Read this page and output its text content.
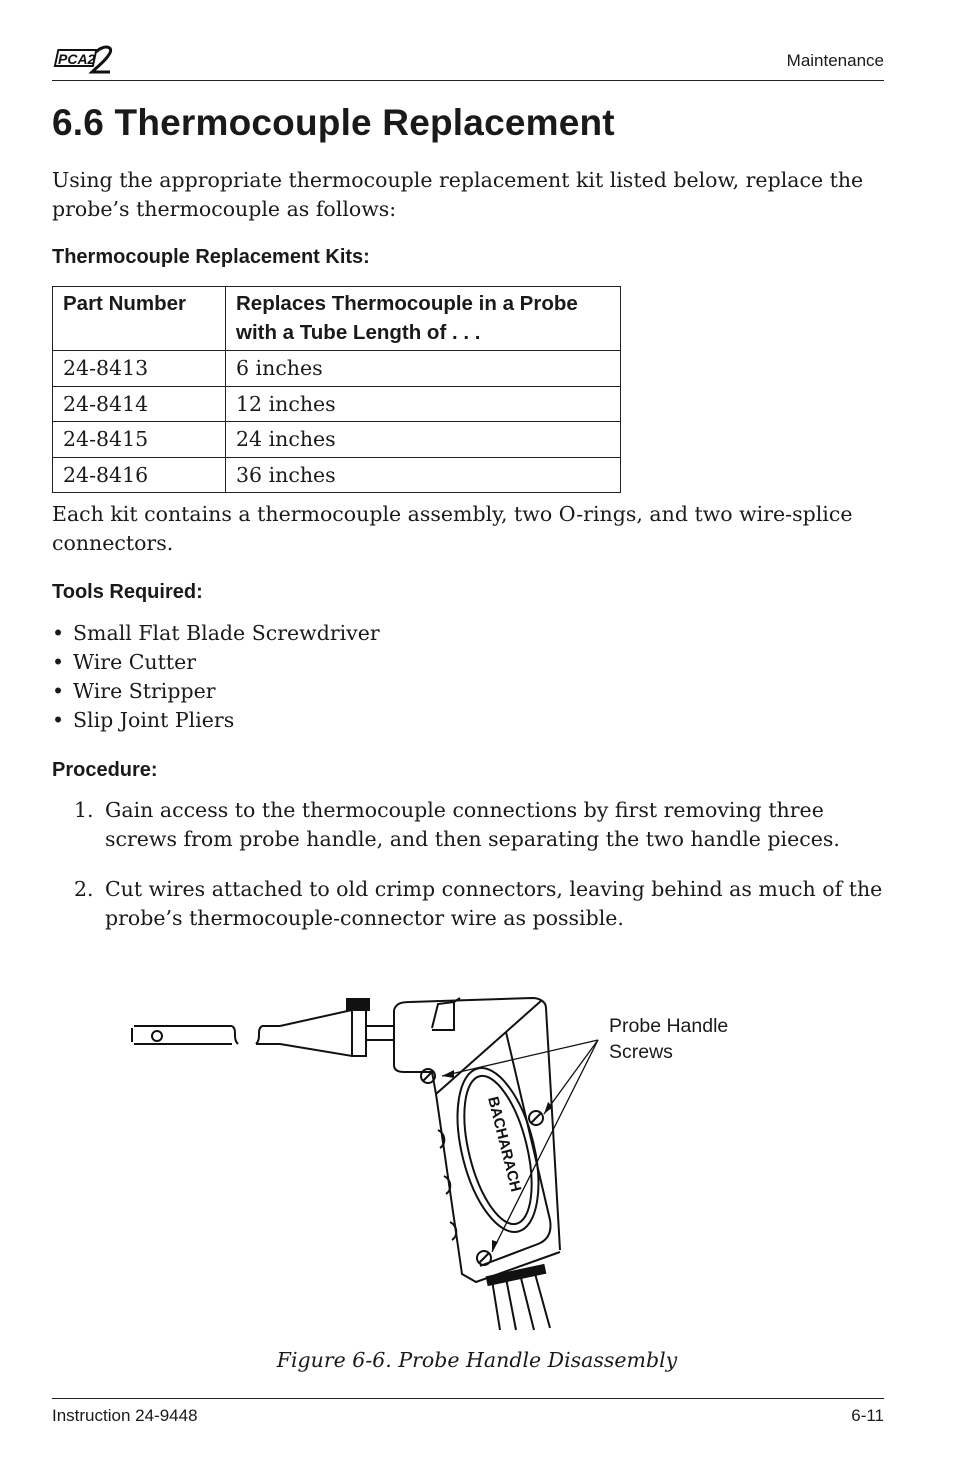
PCA2	Maintenance
6.6 Thermocouple Replacement

Using the appropriate thermocouple replacement kit listed below, replace the probe’s thermocouple as follows:

Thermocouple Replacement Kits:
Part Number	Replaces Thermocouple in a Probe with a Tube Length of . . .
24-8413	6 inches
24-8414	12 inches
24-8415	24 inches
24-8416	36 inches

Each kit contains a thermocouple assembly, two O-rings, and two wire-splice connectors.

Tools Required:
• Small Flat Blade Screwdriver
• Wire Cutter
• Wire Stripper
• Slip Joint Pliers
Procedure:
1. Gain access to the thermocouple connections by first removing three screws from probe handle, and then separating the two handle pieces.
2. Cut wires attached to old crimp connectors, leaving behind as much of the probe’s thermocouple-connector wire as possible.
BACHARACH
Probe Handle
Screws

Figure 6-6. Probe Handle Disassembly

Instruction 24-9448	6-11
